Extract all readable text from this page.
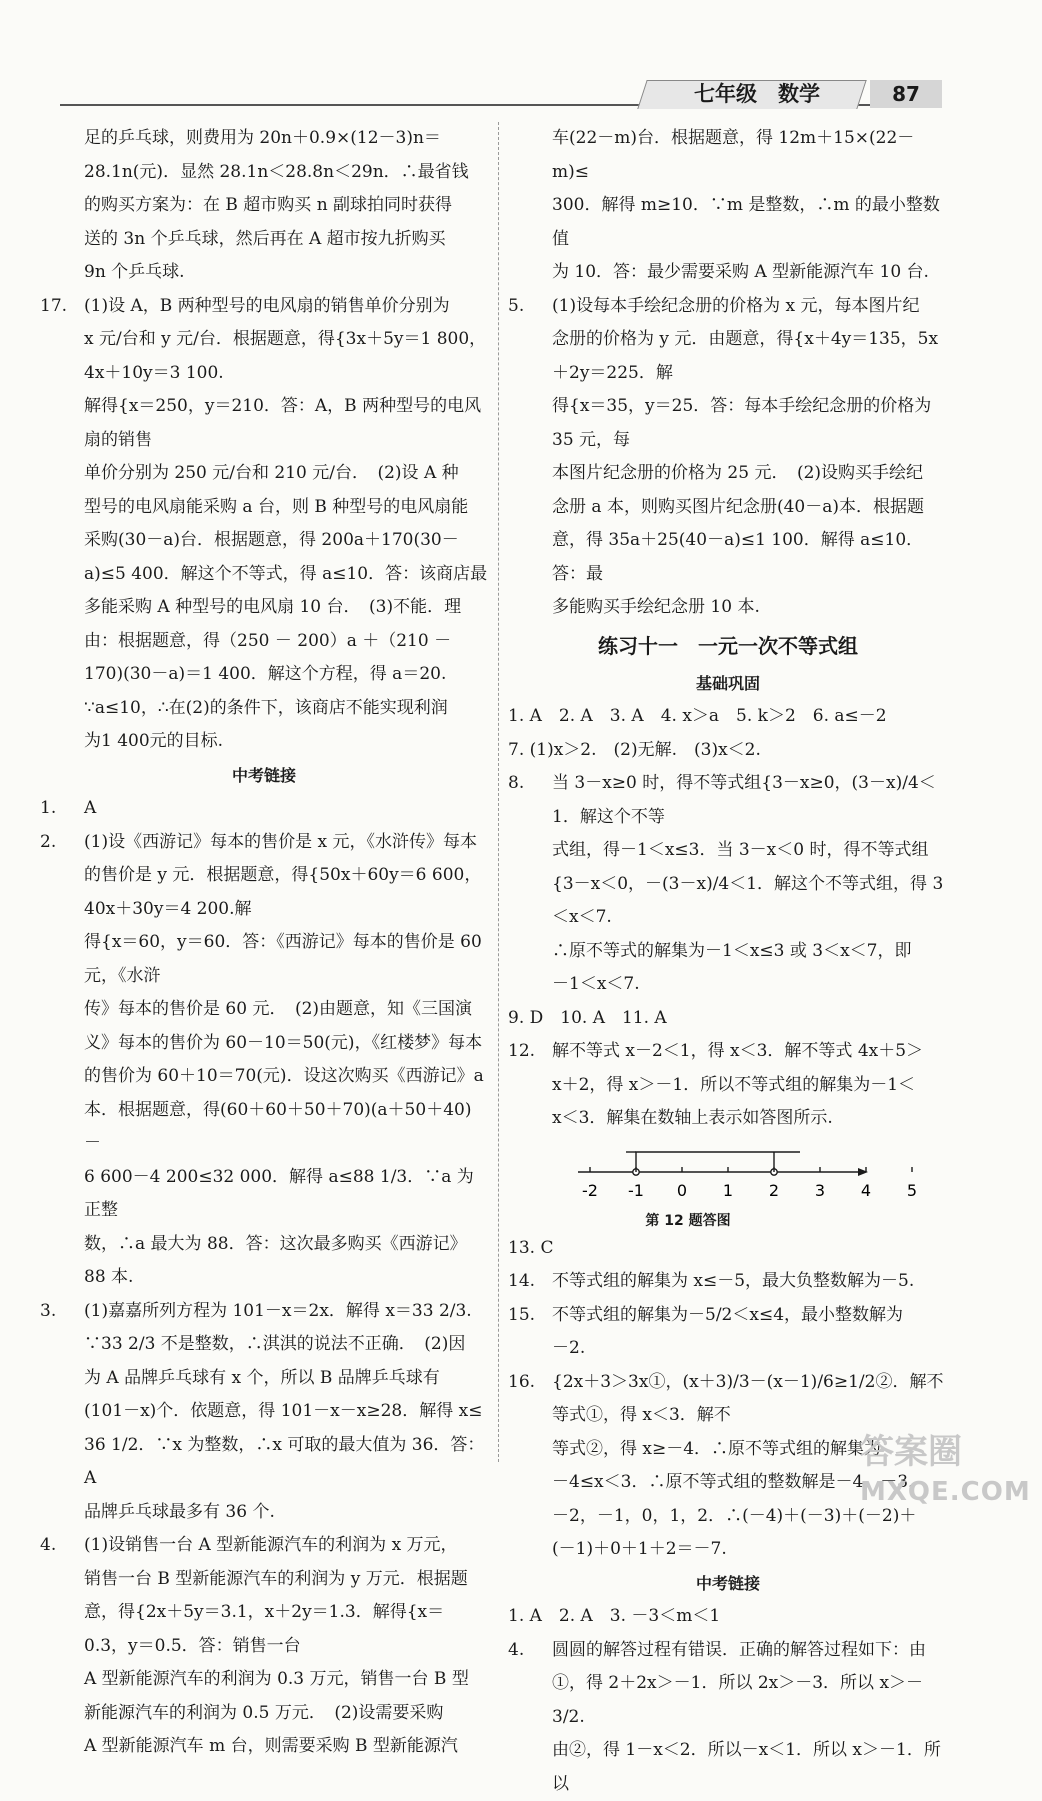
七年级　数学	87
足的乒乓球，则费用为 20n＋0.9×(12－3)n＝
28.1n(元)．显然 28.1n＜28.8n＜29n．∴最省钱
的购买方案为：在 B 超市购买 n 副球拍同时获得
送的 3n 个乒乓球，然后再在 A 超市按九折购买
9n 个乒乓球.
17. (1)设 A，B 两种型号的电风扇的销售单价分别为
x 元/台和 y 元/台．根据题意，得{3x＋5y＝1 800，4x＋10y＝3 100.
解得{x＝250，y＝210．答：A，B 两种型号的电风扇的销售
单价分别为 250 元/台和 210 元/台．　(2)设 A 种
型号的电风扇能采购 a 台，则 B 种型号的电风扇能
采购(30－a)台．根据题意，得 200a＋170(30－
a)≤5 400．解这个不等式，得 a≤10．答：该商店最
多能采购 A 种型号的电风扇 10 台．　(3)不能．理
由：根据题意，得（250 － 200）a ＋（210 －
170)(30－a)＝1 400．解这个方程，得 a＝20.
∵a≤10，∴在(2)的条件下，该商店不能实现利润
为1 400元的目标.
中考链接
1. A
2. (1)设《西游记》每本的售价是 x 元，《水浒传》每本
的售价是 y 元．根据题意，得{50x＋60y＝6 600，40x＋30y＝4 200.解
得{x＝60，y＝60．答：《西游记》每本的售价是 60 元，《水浒
传》每本的售价是 60 元．　(2)由题意，知《三国演
义》每本的售价为 60－10＝50(元)，《红楼梦》每本
的售价为 60＋10＝70(元)．设这次购买《西游记》a
本．根据题意，得(60＋60＋50＋70)(a＋50＋40)－
6 600－4 200≤32 000．解得 a≤88 1/3．∵a 为正整
数，∴a 最大为 88．答：这次最多购买《西游记》
88 本.
3. (1)嘉嘉所列方程为 101－x＝2x．解得 x＝33 2/3.
∵33 2/3 不是整数，∴淇淇的说法不正确．　(2)因
为 A 品牌乒乓球有 x 个，所以 B 品牌乒乓球有
(101－x)个．依题意，得 101－x－x≥28．解得 x≤
36 1/2．∵x 为整数，∴x 可取的最大值为 36．答：A
品牌乒乓球最多有 36 个.
4. (1)设销售一台 A 型新能源汽车的利润为 x 万元，
销售一台 B 型新能源汽车的利润为 y 万元．根据题
意，得{2x＋5y＝3.1，x＋2y＝1.3．解得{x＝0.3，y＝0.5．答：销售一台
A 型新能源汽车的利润为 0.3 万元，销售一台 B 型
新能源汽车的利润为 0.5 万元．　(2)设需要采购
A 型新能源汽车 m 台，则需要采购 B 型新能源汽
车(22－m)台．根据题意，得 12m＋15×(22－m)≤
300．解得 m≥10．∵m 是整数，∴m 的最小整数值
为 10．答：最少需要采购 A 型新能源汽车 10 台.
5. (1)设每本手绘纪念册的价格为 x 元，每本图片纪
念册的价格为 y 元．由题意，得{x＋4y＝135，5x＋2y＝225．解
得{x＝35，y＝25．答：每本手绘纪念册的价格为 35 元，每
本图片纪念册的价格为 25 元．　(2)设购买手绘纪
念册 a 本，则购买图片纪念册(40－a)本．根据题
意，得 35a＋25(40－a)≤1 100．解得 a≤10．答：最
多能购买手绘纪念册 10 本.
练习十一　一元一次不等式组
基础巩固
1. A　2. A　3. A　4. x＞a　5. k＞2　6. a≤－2
7. (1)x＞2.　(2)无解.　(3)x＜2.
8. 当 3－x≥0 时，得不等式组{3－x≥0，(3－x)/4＜1．解这个不等
式组，得－1＜x≤3．当 3－x＜0 时，得不等式组
{3－x＜0，－(3－x)/4＜1．解这个不等式组，得 3＜x＜7.
∴原不等式的解集为－1＜x≤3 或 3＜x＜7，即
－1＜x＜7.
9. D　10. A　11. A
12. 解不等式 x－2＜1，得 x＜3．解不等式 4x＋5＞
x＋2，得 x＞－1．所以不等式组的解集为－1＜
x＜3．解集在数轴上表示如答图所示.
-2 -1 0 1 2 3 4 5
第 12 题答图
13. C
14. 不等式组的解集为 x≤－5，最大负整数解为－5.
15. 不等式组的解集为－5/2＜x≤4，最小整数解为
－2.
16. {2x＋3＞3x①，(x＋3)/3－(x－1)/6≥1/2②．解不等式①，得 x＜3．解不
等式②，得 x≥－4．∴原不等式组的解集为
－4≤x＜3．∴原不等式组的整数解是－4，－3，
－2，－1，0，1，2．∴(－4)＋(－3)＋(－2)＋
(－1)＋0＋1＋2＝－7.
中考链接
1. A　2. A　3. －3＜m＜1
4. 圆圆的解答过程有错误．正确的解答过程如下：由
①，得 2＋2x＞－1．所以 2x＞－3．所以 x＞－3/2.
由②，得 1－x＜2．所以－x＜1．所以 x＞－1．所以
答案圈
MXQE.COM
